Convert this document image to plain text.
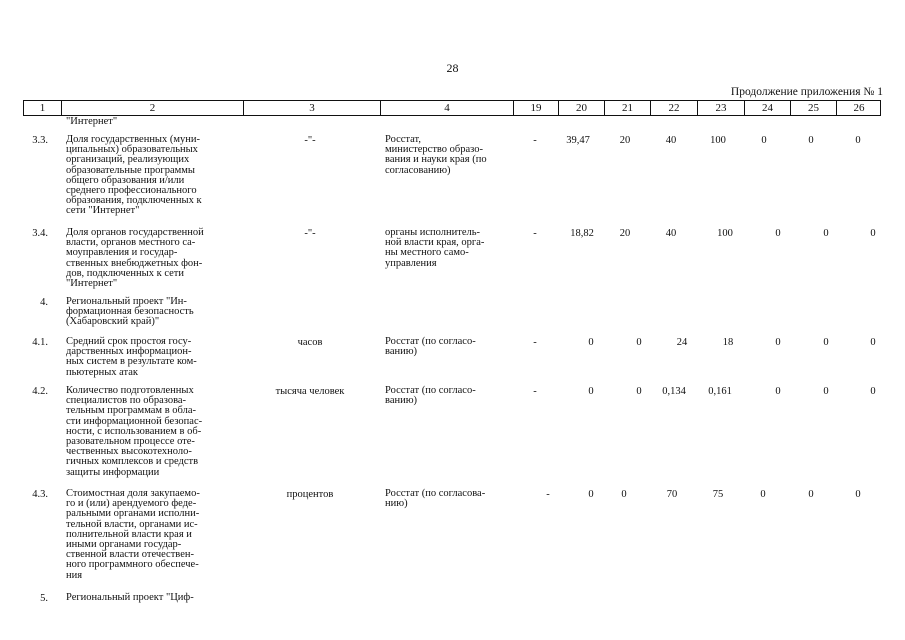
28
Продолжение приложения № 1
1	2	3	4	19	20	21	22	23	24	25	26
"Интернет"
3.3. Доля государственных (муни-
ципальных) образовательных
организаций, реализующих
образовательные программы
общего образования и/или
среднего профессионального
образования, подключенных к
сети "Интернет"
-"-	Росстат,
министерство образо-
вания и науки края (по
согласованию)
-	39,47	20	40	100	0	0	0
3.4. Доля органов государственной
власти, органов местного са-
моуправления и государ-
ственных внебюджетных фон-
дов, подключенных к сети
"Интернет"
-"-	органы исполнитель-
ной власти края, орга-
ны местного само-
управления
-	18,82	20	40	100	0	0	0
4. Региональный проект "Ин-
формационная безопасность
(Хабаровский край)"
4.1. Средний срок простоя госу-
дарственных информацион-
ных систем в результате ком-
пьютерных атак
часов	Росстат (по согласо-
ванию)
-	0	0	24	18	0	0	0
4.2. Количество подготовленных
специалистов по образова-
тельным программам в обла-
сти информационной безопас-
ности, с использованием в об-
разовательном процессе оте-
чественных высокотехноло-
гичных комплексов и средств
защиты информации
тысяча человек	Росстат (по согласо-
ванию)
-	0	0	0,134	0,161	0	0	0
4.3. Стоимостная доля закупаемо-
го и (или) арендуемого феде-
ральными органами исполни-
тельной власти, органами ис-
полнительной власти края и
иными органами государ-
ственной власти отечествен-
ного программного обеспече-
ния
процентов	Росстат (по согласова-
нию)
-	0	0	70	75	0	0	0
5. Региональный проект "Циф-
